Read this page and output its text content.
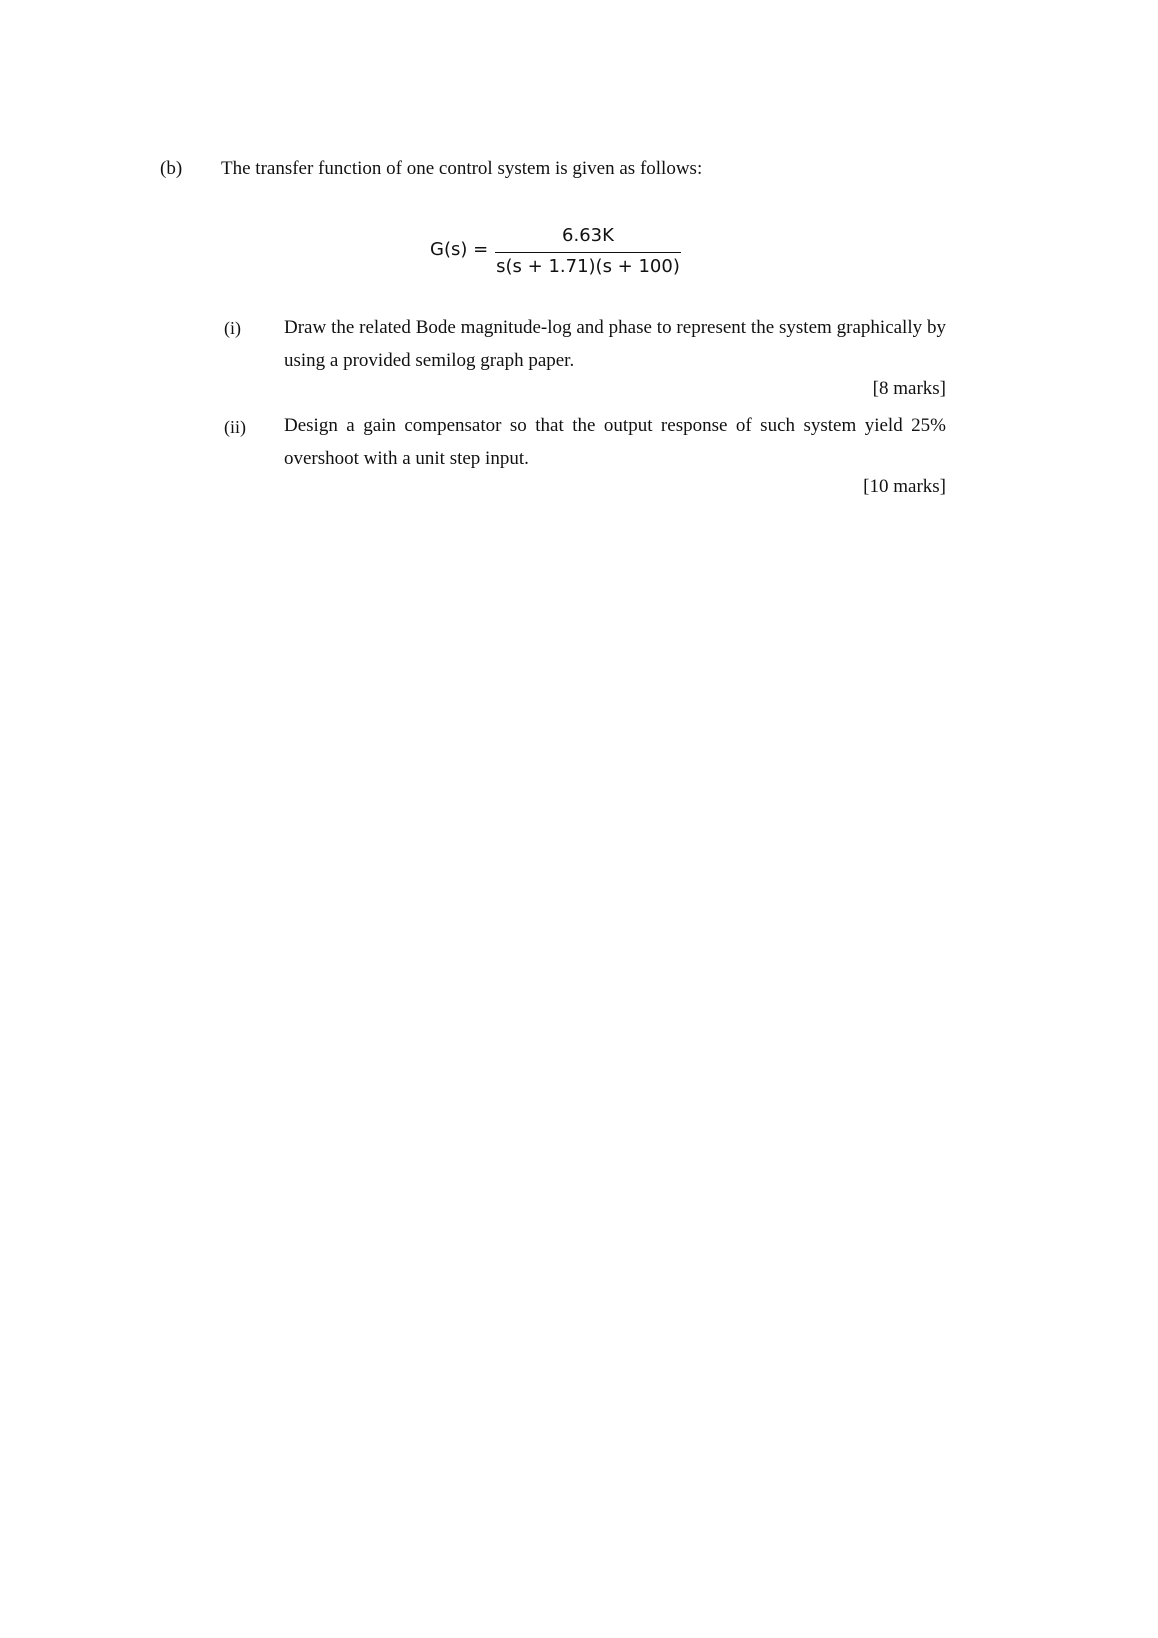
(b) The transfer function of one control system is given as follows:
G(s) =
6.63K
s(s + 1.71)(s + 100)
(i) Draw the related Bode magnitude-log and phase to represent the system graphically by using a provided semilog graph paper.
[8 marks]
(ii) Design a gain compensator so that the output response of such system yield 25% overshoot with a unit step input.
[10 marks]
